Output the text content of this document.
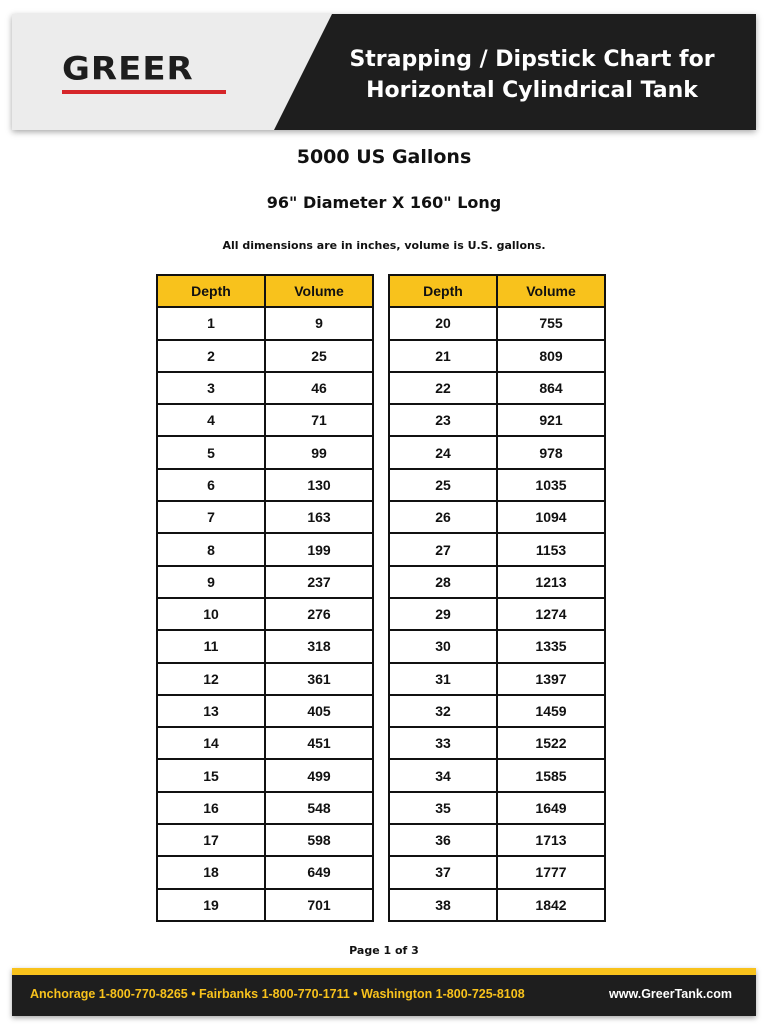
GREER	Strapping / Dipstick Chart for
Horizontal Cylindrical Tank
5000 US Gallons
96" Diameter X 160" Long
All dimensions are in inches, volume is U.S. gallons.
Depth	Volume
1	9
2	25
3	46
4	71
5	99
6	130
7	163
8	199
9	237
10	276
11	318
12	361
13	405
14	451
15	499
16	548
17	598
18	649
19	701
Depth	Volume
20	755
21	809
22	864
23	921
24	978
25	1035
26	1094
27	1153
28	1213
29	1274
30	1335
31	1397
32	1459
33	1522
34	1585
35	1649
36	1713
37	1777
38	1842
Page 1 of 3
Anchorage 1-800-770-8265 • Fairbanks 1-800-770-1711 • Washington 1-800-725-8108	www.GreerTank.com
